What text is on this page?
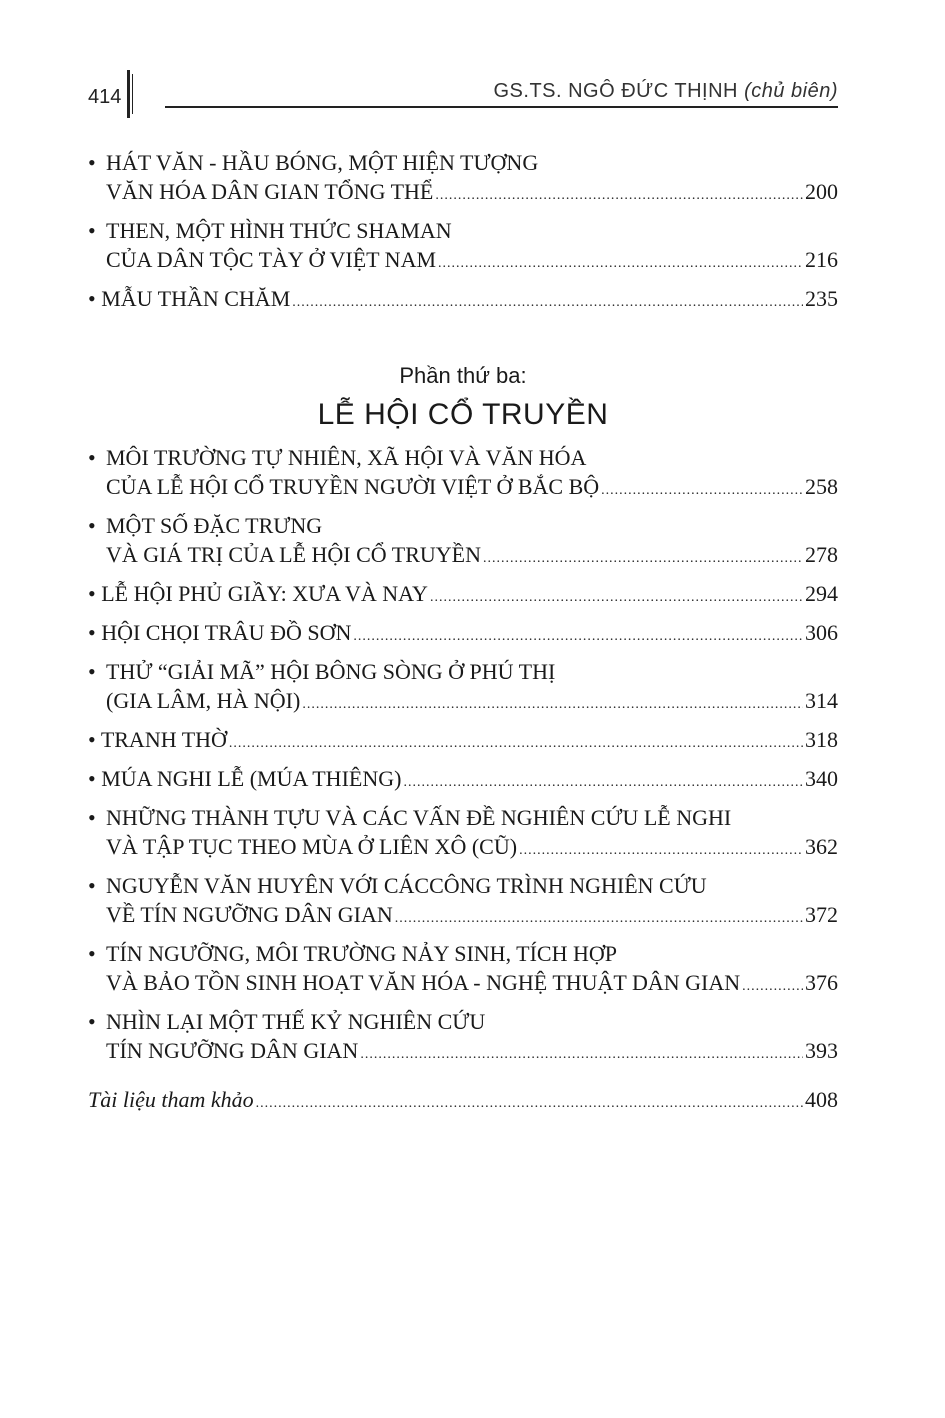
414	GS.TS. NGÔ ĐỨC THỊNH (chủ biên)
• HÁT VĂN - HẦU BÓNG, MỘT HIỆN TƯỢNG
VĂN HÓA DÂN GIAN TỔNG THỂ .....	200
• THEN, MỘT HÌNH THỨC SHAMAN
CỦA DÂN TỘC TÀY Ở VIỆT NAM .....	216
• MẪU THẦN CHĂM .....	235
Phần thứ ba:
LỄ HỘI CỔ TRUYỀN
• MÔI TRƯỜNG TỰ NHIÊN, XÃ HỘI VÀ VĂN HÓA
CỦA LỄ HỘI CỔ TRUYỀN NGƯỜI VIỆT Ở BẮC BỘ .....	258
• MỘT SỐ ĐẶC TRƯNG
VÀ GIÁ TRỊ CỦA LỄ HỘI CỔ TRUYỀN .....	278
• LỄ HỘI PHỦ GIẦY: XƯA VÀ NAY .....	294
• HỘI CHỌI TRÂU ĐỒ SƠN .....	306
• THỬ “GIẢI MÃ” HỘI BÔNG SÒNG Ở PHÚ THỊ
(GIA LÂM, HÀ NỘI) .....	314
• TRANH THỜ .....	318
• MÚA NGHI LỄ (MÚA THIÊNG) .....	340
• NHỮNG THÀNH TỰU VÀ CÁC VẤN ĐỀ NGHIÊN CỨU LỄ NGHI
VÀ TẬP TỤC THEO MÙA Ở LIÊN XÔ (CŨ) .....	362
• NGUYỄN VĂN HUYÊN VỚI CÁCCÔNG TRÌNH NGHIÊN CỨU
VỀ TÍN NGƯỠNG DÂN GIAN .....	372
• TÍN NGƯỠNG, MÔI TRƯỜNG NẢY SINH, TÍCH HỢP
VÀ BẢO TỒN SINH HOẠT VĂN HÓA - NGHỆ THUẬT DÂN GIAN .....	376
• NHÌN LẠI MỘT THẾ KỶ NGHIÊN CỨU
TÍN NGƯỠNG DÂN GIAN .....	393
Tài liệu tham khảo .....	408
